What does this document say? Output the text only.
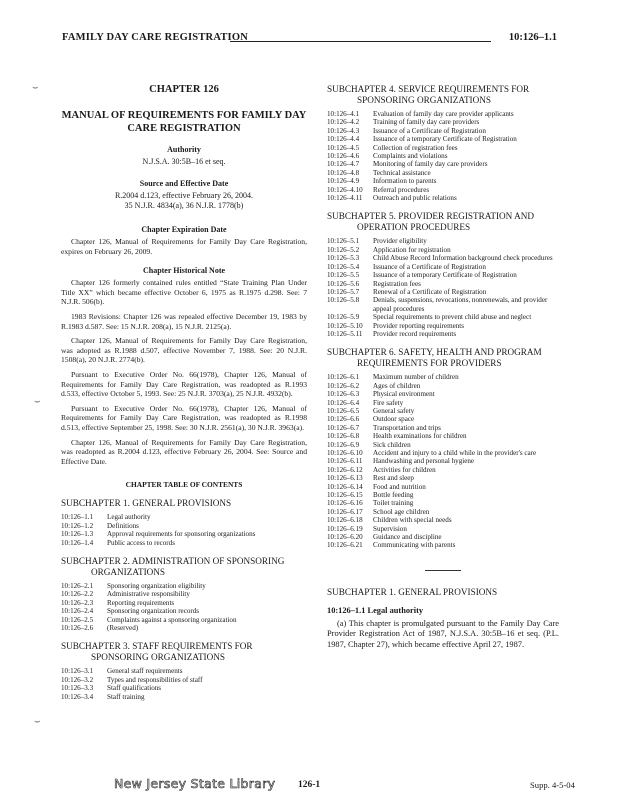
FAMILY DAY CARE REGISTRATION	10:126–1.1
⌣
⌣
⌣
CHAPTER 126
MANUAL OF REQUIREMENTS FOR FAMILY DAY CARE REGISTRATION
Authority
N.J.S.A. 30:5B–16 et seq.
Source and Effective Date
R.2004 d.123, effective February 26, 2004.
35 N.J.R. 4834(a), 36 N.J.R. 1778(b)
Chapter Expiration Date
Chapter 126, Manual of Requirements for Family Day Care Registration, expires on February 26, 2009.
Chapter Historical Note
Chapter 126 formerly contained rules entitled “State Training Plan Under Title XX” which became effective October 6, 1975 as R.1975 d.298. See: 7 N.J.R. 506(b).
1983 Revisions: Chapter 126 was repealed effective December 19, 1983 by R.1983 d.587. See: 15 N.J.R. 208(a), 15 N.J.R. 2125(a).
Chapter 126, Manual of Requirements for Family Day Care Registration, was adopted as R.1988 d.507, effective November 7, 1988. See: 20 N.J.R. 1508(a), 20 N.J.R. 2774(b).
Pursuant to Executive Order No. 66(1978), Chapter 126, Manual of Requirements for Family Day Care Registration, was readopted as R.1993 d.533, effective October 5, 1993. See: 25 N.J.R. 3703(a), 25 N.J.R. 4932(b).
Pursuant to Executive Order No. 66(1978), Chapter 126, Manual of Requirements for Family Day Care Registration, was readopted as R.1998 d.513, effective September 25, 1998. See: 30 N.J.R. 2561(a), 30 N.J.R. 3963(a).
Chapter 126, Manual of Requirements for Family Day Care Registration, was readopted as R.2004 d.123, effective February 26, 2004. See: Source and Effective Date.
CHAPTER TABLE OF CONTENTS
SUBCHAPTER 1. GENERAL PROVISIONS
10:126–1.1	Legal authority
10:126–1.2	Definitions
10:126–1.3	Approval requirements for sponsoring organizations
10:126–1.4	Public access to records
SUBCHAPTER 2. ADMINISTRATION OF SPONSORING
ORGANIZATIONS
10:126–2.1	Sponsoring organization eligibility
10:126–2.2	Administrative responsibility
10:126–2.3	Reporting requirements
10:126–2.4	Sponsoring organization records
10:126–2.5	Complaints against a sponsoring organization
10:126–2.6	(Reserved)
SUBCHAPTER 3. STAFF REQUIREMENTS FOR
SPONSORING ORGANIZATIONS
10:126–3.1	General staff requirements
10:126–3.2	Types and responsibilities of staff
10:126–3.3	Staff qualifications
10:126–3.4	Staff training
SUBCHAPTER 4. SERVICE REQUIREMENTS FOR
SPONSORING ORGANIZATIONS
10:126–4.1	Evaluation of family day care provider applicants
10:126–4.2	Training of family day care providers
10:126–4.3	Issuance of a Certificate of Registration
10:126–4.4	Issuance of a temporary Certificate of Registration
10:126–4.5	Collection of registration fees
10:126–4.6	Complaints and violations
10:126–4.7	Monitoring of family day care providers
10:126–4.8	Technical assistance
10:126–4.9	Information to parents
10:126–4.10	Referral procedures
10:126–4.11	Outreach and public relations
SUBCHAPTER 5. PROVIDER REGISTRATION AND
OPERATION PROCEDURES
10:126–5.1	Provider eligibility
10:126–5.2	Application for registration
10:126–5.3	Child Abuse Record Information background check procedures
10:126–5.4	Issuance of a Certificate of Registration
10:126–5.5	Issuance of a temporary Certificate of Registration
10:126–5.6	Registration fees
10:126–5.7	Renewal of a Certificate of Registration
10:126–5.8	Denials, suspensions, revocations, nonrenewals, and provider appeal procedures
10:126–5.9	Special requirements to prevent child abuse and neglect
10:126–5.10	Provider reporting requirements
10:126–5.11	Provider record requirements
SUBCHAPTER 6. SAFETY, HEALTH AND PROGRAM
REQUIREMENTS FOR PROVIDERS
10:126–6.1	Maximum number of children
10:126–6.2	Ages of children
10:126–6.3	Physical environment
10:126–6.4	Fire safety
10:126–6.5	General safety
10:126–6.6	Outdoor space
10:126–6.7	Transportation and trips
10:126–6.8	Health examinations for children
10:126–6.9	Sick children
10:126–6.10	Accident and injury to a child while in the provider's care
10:126–6.11	Handwashing and personal hygiene
10:126–6.12	Activities for children
10:126–6.13	Rest and sleep
10:126–6.14	Food and nutrition
10:126–6.15	Bottle feeding
10:126–6.16	Toilet training
10:126–6.17	School age children
10:126–6.18	Children with special needs
10:126–6.19	Supervision
10:126–6.20	Guidance and discipline
10:126–6.21	Communicating with parents
SUBCHAPTER 1. GENERAL PROVISIONS
10:126–1.1 Legal authority
(a) This chapter is promulgated pursuant to the Family Day Care Provider Registration Act of 1987, N.J.S.A. 30:5B–16 et seq. (P.L. 1987, Chapter 27), which became effective April 27, 1987.
New Jersey State Library 126-1	Supp. 4-5-04
